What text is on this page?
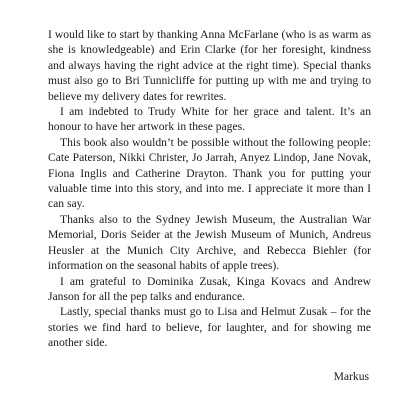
I would like to start by thanking Anna McFarlane (who is as warm as she is knowledgeable) and Erin Clarke (for her foresight, kindness and always having the right advice at the right time). Special thanks must also go to Bri Tunnicliffe for putting up with me and trying to believe my delivery dates for rewrites.

I am indebted to Trudy White for her grace and talent. It’s an honour to have her artwork in these pages.

This book also wouldn’t be possible without the following people: Cate Paterson, Nikki Christer, Jo Jarrah, Anyez Lindop, Jane Novak, Fiona Inglis and Catherine Drayton. Thank you for putting your valuable time into this story, and into me. I appreciate it more than I can say.

Thanks also to the Sydney Jewish Museum, the Australian War Memorial, Doris Seider at the Jewish Museum of Munich, Andreus Heusler at the Munich City Archive, and Rebecca Biehler (for information on the seasonal habits of apple trees).

I am grateful to Dominika Zusak, Kinga Kovacs and Andrew Janson for all the pep talks and endurance.

Lastly, special thanks must go to Lisa and Helmut Zusak – for the stories we find hard to believe, for laughter, and for showing me another side.

Markus
